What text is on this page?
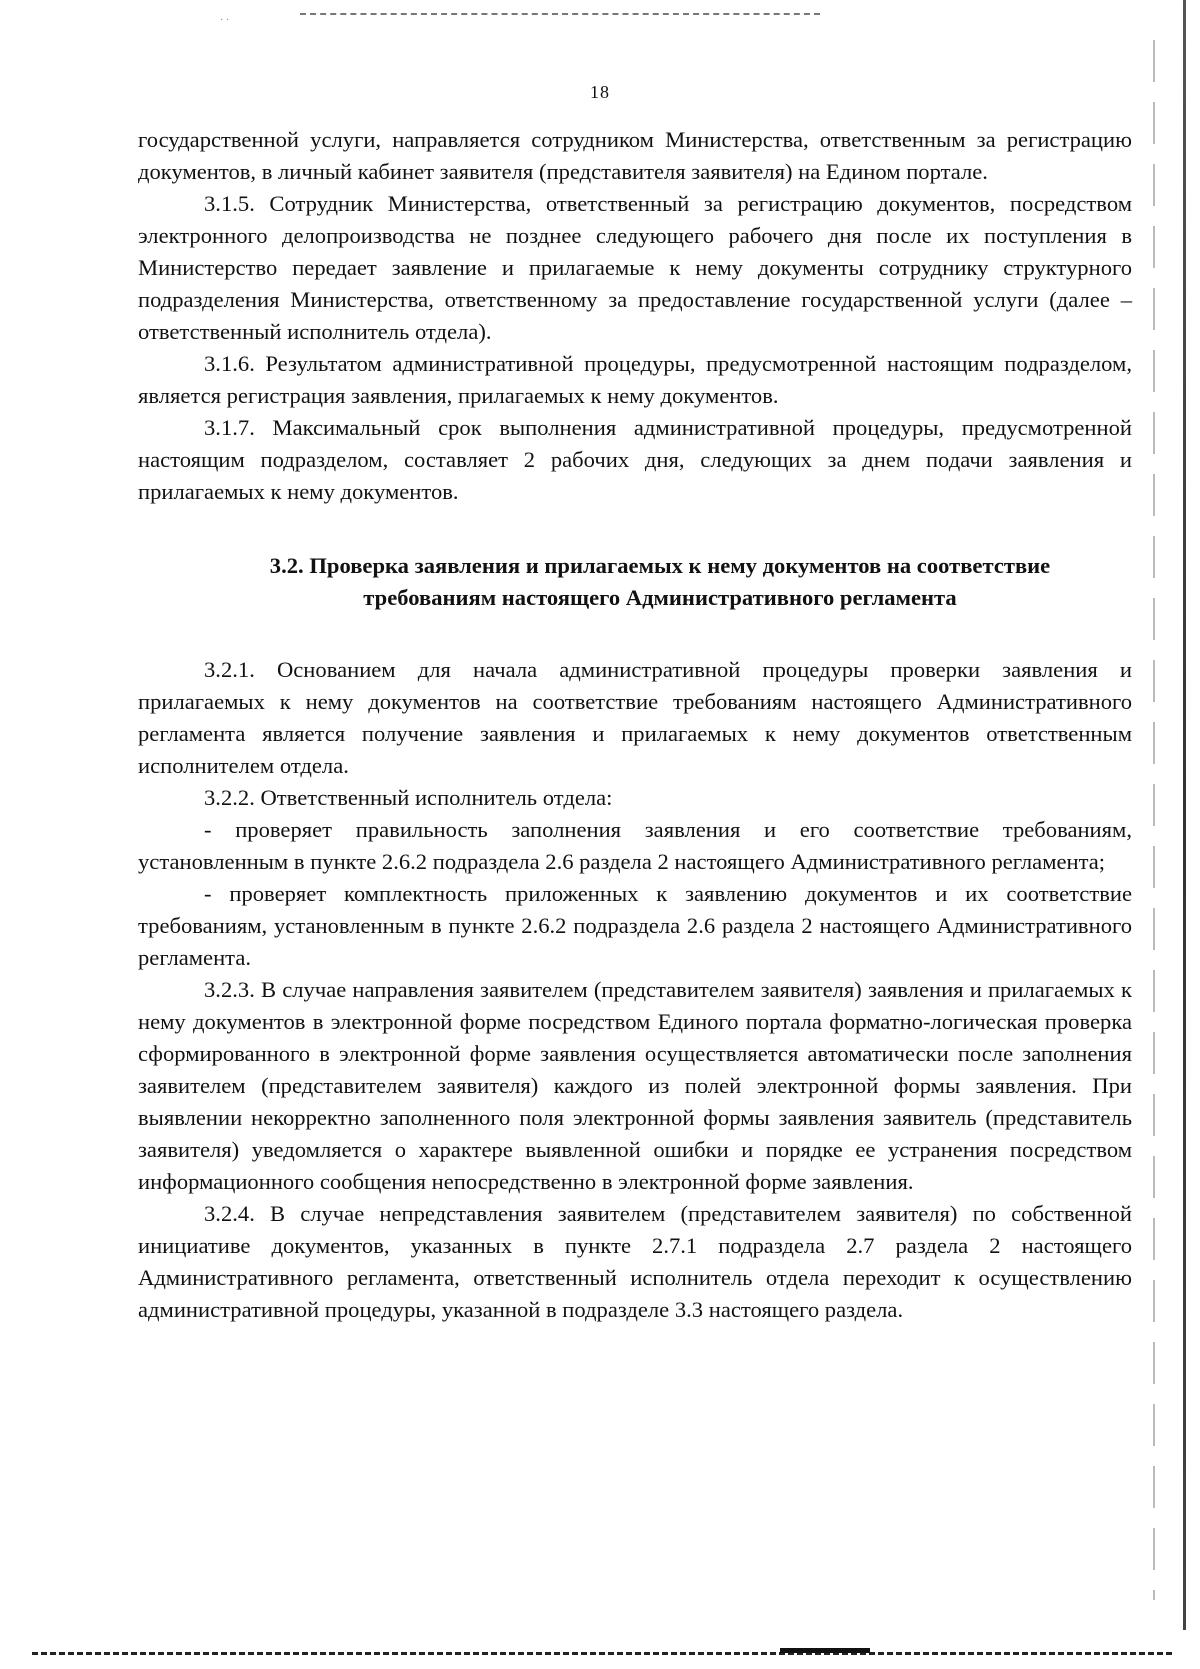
· ·
18

государственной услуги, направляется сотрудником Министерства, ответственным за регистрацию документов, в личный кабинет заявителя (представителя заявителя) на Едином портале.

3.1.5. Сотрудник Министерства, ответственный за регистрацию документов, посредством электронного делопроизводства не позднее следующего рабочего дня после их поступления в Министерство передает заявление и прилагаемые к нему документы сотруднику структурного подразделения Министерства, ответственному за предоставление государственной услуги (далее – ответственный исполнитель отдела).

3.1.6. Результатом административной процедуры, предусмотренной настоящим подразделом, является регистрация заявления, прилагаемых к нему документов.

3.1.7. Максимальный срок выполнения административной процедуры, предусмотренной настоящим подразделом, составляет 2 рабочих дня, следующих за днем подачи заявления и прилагаемых к нему документов.

3.2. Проверка заявления и прилагаемых к нему документов на соответствие требованиям настоящего Административного регламента

3.2.1. Основанием для начала административной процедуры проверки заявления и прилагаемых к нему документов на соответствие требованиям настоящего Административного регламента является получение заявления и прилагаемых к нему документов ответственным исполнителем отдела.

3.2.2. Ответственный исполнитель отдела:

- проверяет правильность заполнения заявления и его соответствие требованиям, установленным в пункте 2.6.2 подраздела 2.6 раздела 2 настоящего Административного регламента;

- проверяет комплектность приложенных к заявлению документов и их соответствие требованиям, установленным в пункте 2.6.2 подраздела 2.6 раздела 2 настоящего Административного регламента.

3.2.3. В случае направления заявителем (представителем заявителя) заявления и прилагаемых к нему документов в электронной форме посредством Единого портала форматно-логическая проверка сформированного в электронной форме заявления осуществляется автоматически после заполнения заявителем (представителем заявителя) каждого из полей электронной формы заявления. При выявлении некорректно заполненного поля электронной формы заявления заявитель (представитель заявителя) уведомляется о характере выявленной ошибки и порядке ее устранения посредством информационного сообщения непосредственно в электронной форме заявления.

3.2.4. В случае непредставления заявителем (представителем заявителя) по собственной инициативе документов, указанных в пункте 2.7.1 подраздела 2.7 раздела 2 настоящего Административного регламента, ответственный исполнитель отдела переходит к осуществлению административной процедуры, указанной в подразделе 3.3 настоящего раздела.
